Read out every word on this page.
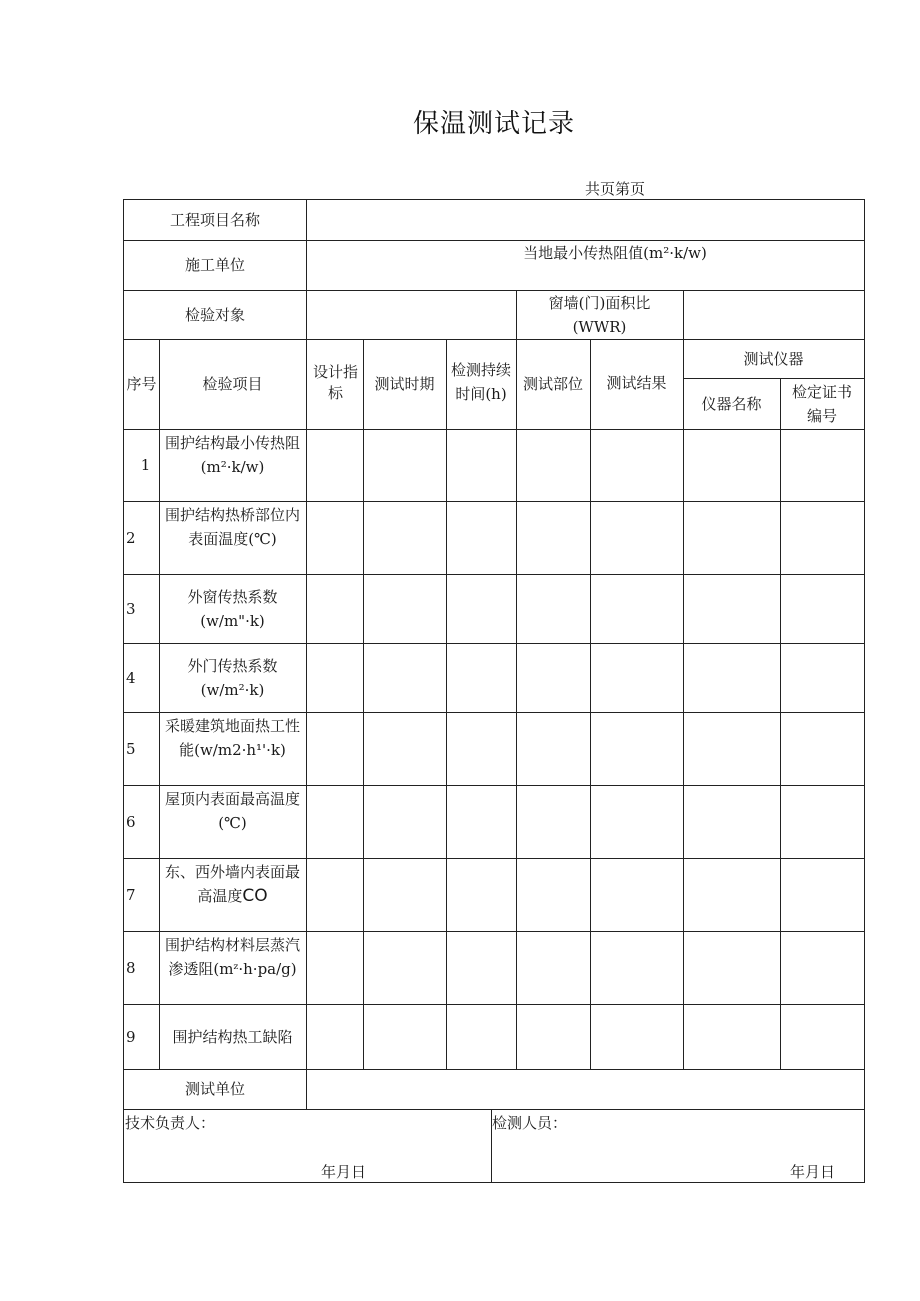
保温测试记录
共页第页
工程项目名称
施工单位
当地最小传热阻值(m²·k/w)
检验对象
窗墙(门)面积比(WWR)
序号	检验项目
设计指标	测试时期
检测持续时间(h)
测试部位 测试结果
测试仪器
仪器名称
检定证书编号
1
围护结构最小传热阻(m²·k/w)
2
围护结构热桥部位内表面温度(℃)
3
外窗传热系数(w/m"·k)
4
外门传热系数(w/m²·k)
5
采暖建筑地面热工性能(w∕m2·h¹'·k)
6
屋顶内表面最高温度(℃)
7
东、西外墙内表面最高温度CO
8
围护结构材料层蒸汽渗透阻(mᶻ·h·pa/g)
9 围护结构热工缺陷
测试单位
技术负责人：
年月日
检测人员：
年月日
